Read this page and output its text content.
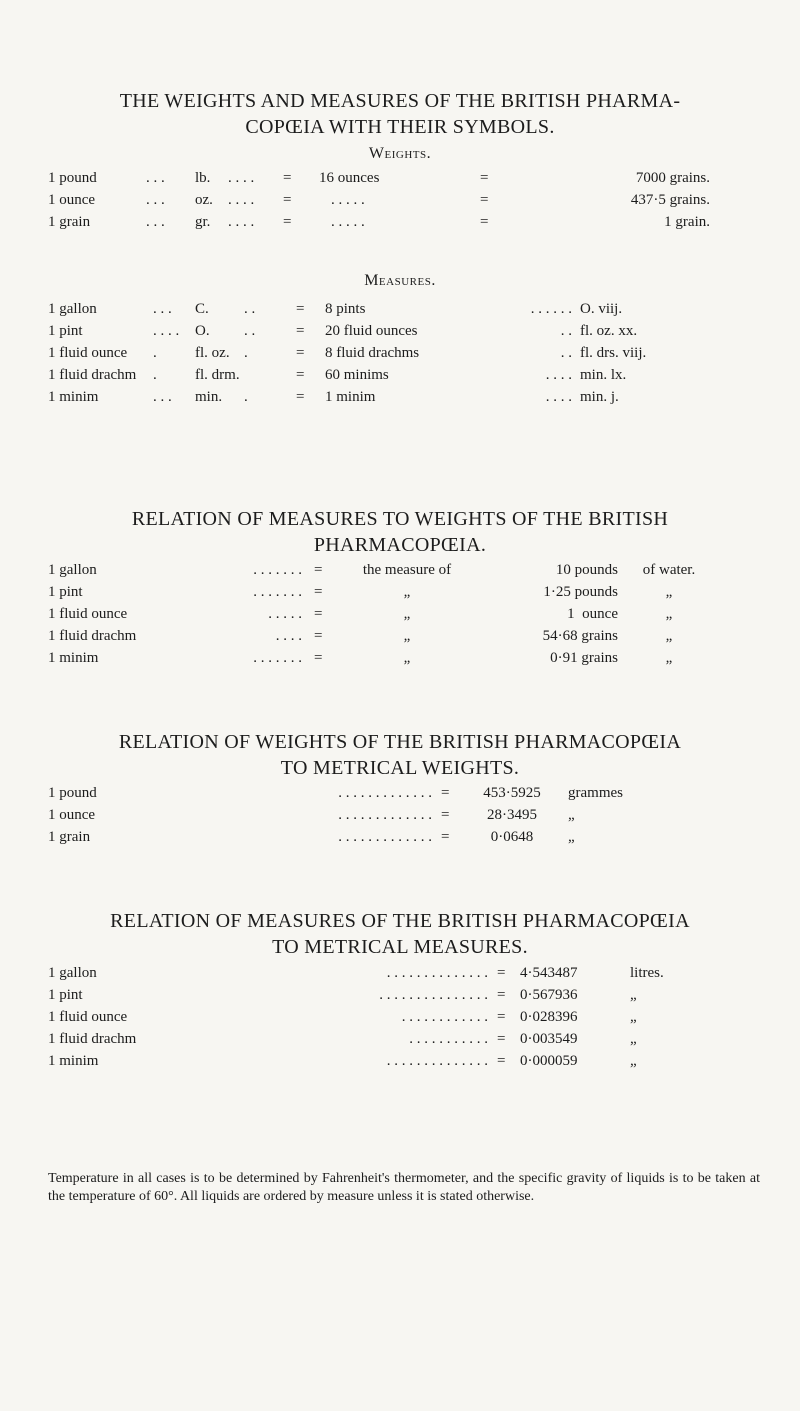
THE WEIGHTS AND MEASURES OF THE BRITISH PHARMA-
COPŒIA WITH THEIR SYMBOLS.
Weights.
1 pound	. . . lb. . . . . = 16 ounces	=	7000 grains.
1 ounce	. . . oz. . . . . =	. . . . .	=	437·5 grains.
1 grain	. . . gr. . . . . =	. . . . .	=	1 grain.
Measures.
1 gallon	. . . C. . .	= 8 pints	. . . . . . O. viij.
1 pint	. . . . O. . .	= 20 fluid ounces	. . fl. oz. xx.
1 fluid ounce .	fl. oz. .	= 8 fluid drachms	. . fl. drs. viij.
1 fluid drachm .	fl. drm.	= 60 minims	. . . . min. lx.
1 minim	. . . min. .	= 1 minim	. . . . min. j.
RELATION OF MEASURES TO WEIGHTS OF THE BRITISH
PHARMACOPŒIA.
1 gallon	. . . . . . . =	the measure of	10 pounds	of water.
1 pint	. . . . . . . =	„	1·25 pounds	„
1 fluid ounce	. . . . . =	„	1  ounce	„
1 fluid drachm	. . . . =	„	54·68 grains	„
1 minim	. . . . . . . =	„	0·91 grains	„
RELATION OF WEIGHTS OF THE BRITISH PHARMACOPŒIA
TO METRICAL WEIGHTS.
1 pound	. . . . . . . . . . . . . =	453·5925	grammes
1 ounce	. . . . . . . . . . . . . =	28·3495	„
1 grain	. . . . . . . . . . . . . =	0·0648	„
RELATION OF MEASURES OF THE BRITISH PHARMACOPŒIA
TO METRICAL MEASURES.
1 gallon	. . . . . . . . . . . . . . = 4·543487	litres.
1 pint	. . . . . . . . . . . . . . . = 0·567936	„
1 fluid ounce	. . . . . . . . . . . . = 0·028396	„
1 fluid drachm	. . . . . . . . . . . = 0·003549	„
1 minim	. . . . . . . . . . . . . . = 0·000059	„
Temperature in all cases is to be determined by Fahrenheit's thermometer, and the specific gravity of liquids is to be taken at the temperature of 60°. All liquids are ordered by measure unless it is stated otherwise.
